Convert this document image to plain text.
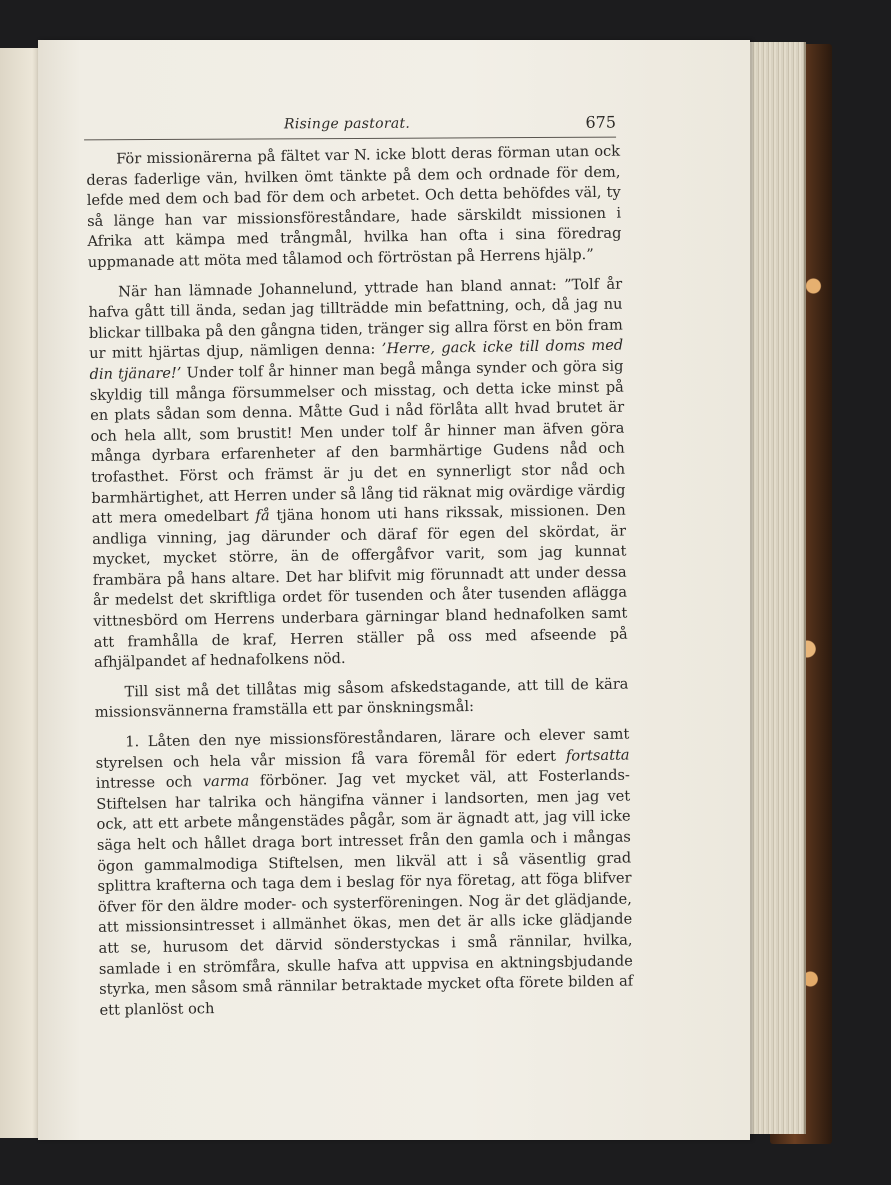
Risinge pastorat.	675

För missionärerna på fältet var N. icke blott deras förman utan ock deras faderlige vän, hvilken ömt tänkte på dem och ordnade för dem, lefde med dem och bad för dem och arbetet. Och detta behöfdes väl, ty så länge han var missionsföreståndare, hade särskildt missionen i Afrika att kämpa med trångmål, hvilka han ofta i sina föredrag uppmanade att möta med tålamod och förtröstan på Herrens hjälp.”

När han lämnade Johannelund, yttrade han bland annat: ”Tolf år hafva gått till ända, sedan jag tillträdde min befattning, och, då jag nu blickar tillbaka på den gångna tiden, tränger sig allra först en bön fram ur mitt hjärtas djup, nämligen denna: ’Herre, gack icke till doms med din tjänare!’ Under tolf år hinner man begå många synder och göra sig skyldig till många försummelser och misstag, och detta icke minst på en plats sådan som denna. Måtte Gud i nåd förlåta allt hvad brutet är och hela allt, som brustit! Men under tolf år hinner man äfven göra många dyrbara erfarenheter af den barmhärtige Gudens nåd och trofasthet. Först och främst är ju det en synnerligt stor nåd och barmhärtighet, att Herren under så lång tid räknat mig ovärdige värdig att mera omedelbart få tjäna honom uti hans rikssak, missionen. Den andliga vinning, jag därunder och däraf för egen del skördat, är mycket, mycket större, än de offergåfvor varit, som jag kunnat frambära på hans altare. Det har blifvit mig förunnadt att under dessa år medelst det skriftliga ordet för tusenden och åter tusenden aflägga vittnesbörd om Herrens underbara gärningar bland hednafolken samt att framhålla de kraf, Herren ställer på oss med afseende på afhjälpandet af hednafolkens nöd.

Till sist må det tillåtas mig såsom afskedstagande, att till de kära missionsvännerna framställa ett par önskningsmål:

1. Låten den nye missionsföreståndaren, lärare och elever samt styrelsen och hela vår mission få vara föremål för edert fortsatta intresse och varma förböner. Jag vet mycket väl, att Fosterlands-Stiftelsen har talrika och hängifna vänner i landsorten, men jag vet ock, att ett arbete mångenstädes pågår, som är ägnadt att, jag vill icke säga helt och hållet draga bort intresset från den gamla och i mångas ögon gammalmodiga Stiftelsen, men likväl att i så väsentlig grad splittra krafterna och taga dem i beslag för nya företag, att föga blifver öfver för den äldre moder- och systerföreningen. Nog är det glädjande, att missionsintresset i allmänhet ökas, men det är alls icke glädjande att se, hurusom det därvid sönderstyckas i små rännilar, hvilka, samlade i en strömfåra, skulle hafva att uppvisa en aktningsbjudande styrka, men såsom små rännilar betraktade mycket ofta förete bilden af ett planlöst och
